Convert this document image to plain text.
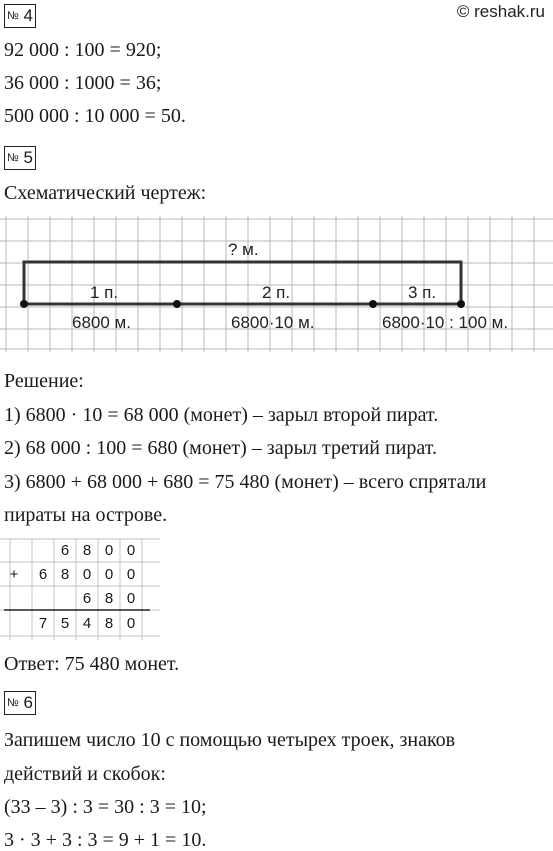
© reshak.ru
№ 4
92 000 : 100 = 920;
36 000 : 1000 = 36;
500 000 : 10 000 = 50.
№ 5
Схематический чертеж:
? м.
1 п.	2 п.	3 п.
6800 м.	6800·10 м.	6800·10 : 100 м.
Решение:
1) 6800 · 10 = 68 000 (монет) – зарыл второй пират.
2) 68 000 : 100 = 680 (монет) – зарыл третий пират.
3) 6800 + 68 000 + 680 = 75 480 (монет) – всего спрятали
пираты на острове.
+
6 8 0 0
6 8 0 0 0
6 8 0
7 5 4 8 0
Ответ: 75 480 монет.
№ 6
Запишем число 10 с помощью четырех троек, знаков
действий и скобок:
(33 – 3) : 3 = 30 : 3 = 10;
3 · 3 + 3 : 3 = 9 + 1 = 10.
